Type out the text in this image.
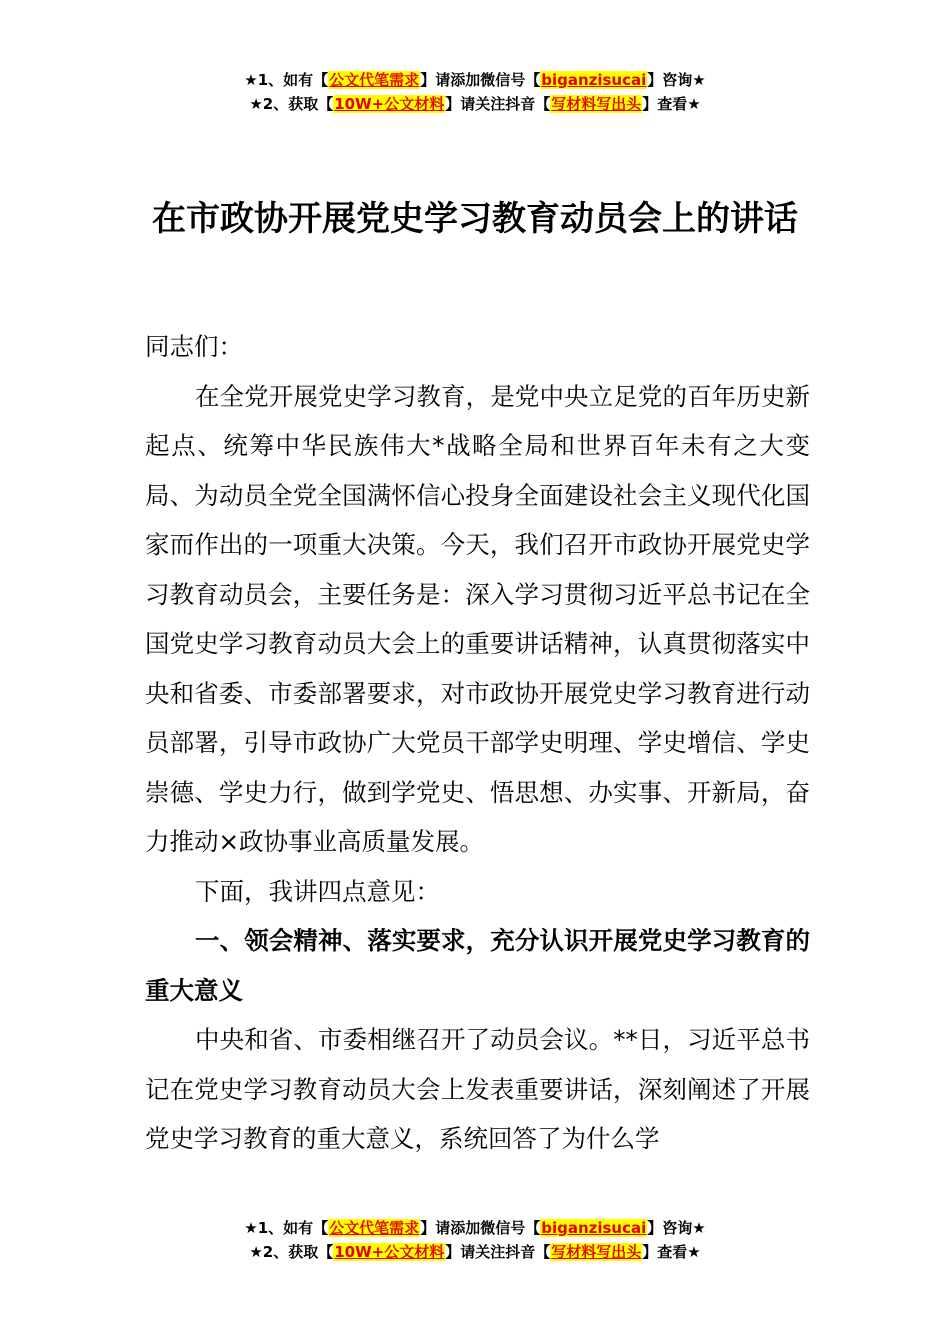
★1、如有【公文代笔需求】请添加微信号【biganzisucai】咨询★
★2、获取【10W+公文材料】请关注抖音【写材料写出头】查看★
在市政协开展党史学习教育动员会上的讲话

同志们：

在全党开展党史学习教育，是党中央立足党的百年历史新起点、统筹中华民族伟大*战略全局和世界百年未有之大变局、为动员全党全国满怀信心投身全面建设社会主义现代化国家而作出的一项重大决策。今天，我们召开市政协开展党史学习教育动员会，主要任务是：深入学习贯彻习近平总书记在全国党史学习教育动员大会上的重要讲话精神，认真贯彻落实中央和省委、市委部署要求，对市政协开展党史学习教育进行动员部署，引导市政协广大党员干部学史明理、学史增信、学史崇德、学史力行，做到学党史、悟思想、办实事、开新局，奋力推动×政协事业高质量发展。

下面，我讲四点意见：

一、领会精神、落实要求，充分认识开展党史学习教育的重大意义

中央和省、市委相继召开了动员会议。**日，习近平总书记在党史学习教育动员大会上发表重要讲话，深刻阐述了开展党史学习教育的重大意义，系统回答了为什么学

★1、如有【公文代笔需求】请添加微信号【biganzisucai】咨询★
★2、获取【10W+公文材料】请关注抖音【写材料写出头】查看★
